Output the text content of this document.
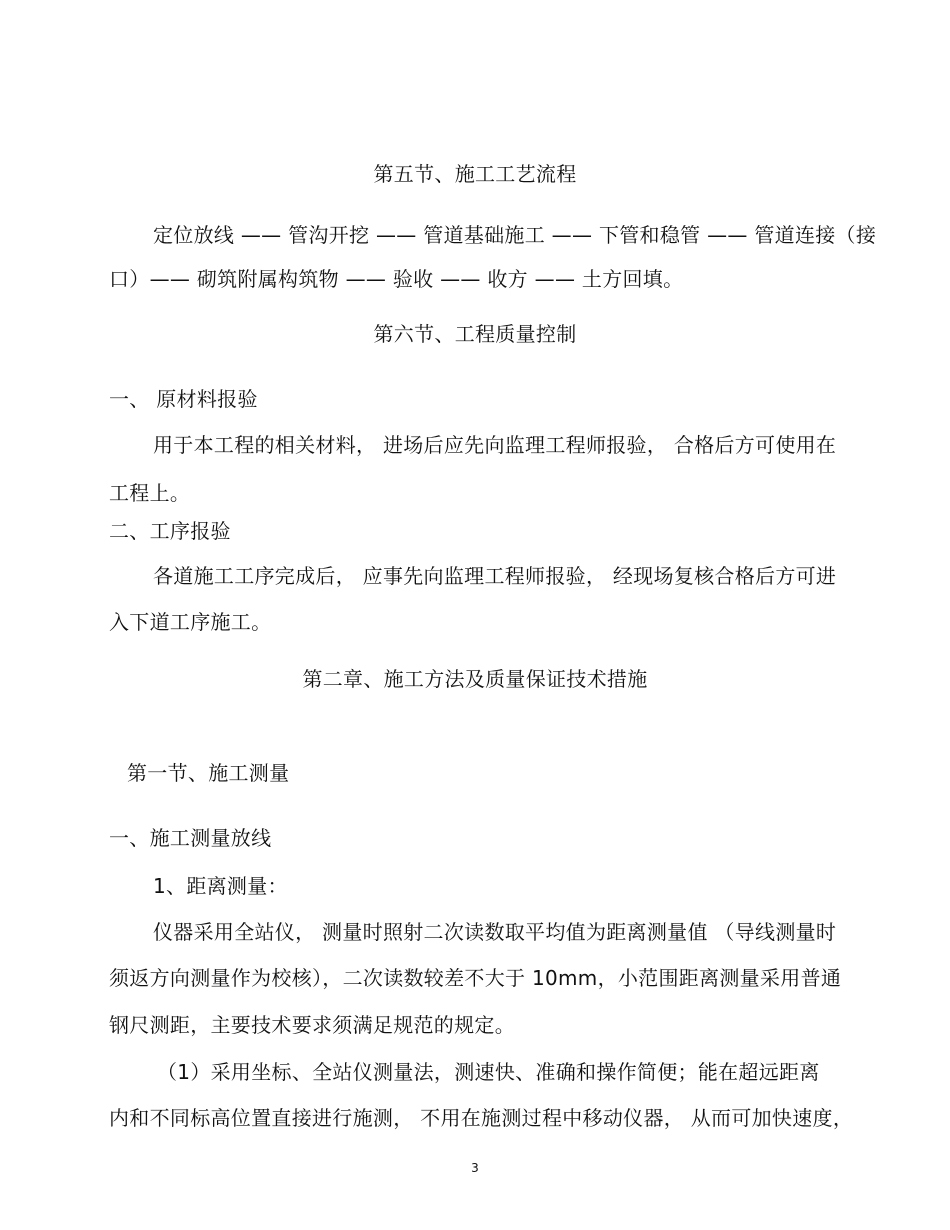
第五节、施工工艺流程
定位放线 —— 管沟开挖 —— 管道基础施工 —— 下管和稳管 —— 管道连接（接
口）—— 砌筑附属构筑物 —— 验收 —— 收方 —— 土方回填。
第六节、工程质量控制
一、 原材料报验
用于本工程的相关材料， 进场后应先向监理工程师报验， 合格后方可使用在
工程上。
二、工序报验
各道施工工序完成后， 应事先向监理工程师报验， 经现场复核合格后方可进
入下道工序施工。
第二章、施工方法及质量保证技术措施
第一节、施工测量
一、施工测量放线
1、距离测量：
仪器采用全站仪， 测量时照射二次读数取平均值为距离测量值 （导线测量时
须返方向测量作为校核），二次读数较差不大于 10mm，小范围距离测量采用普通
钢尺测距，主要技术要求须满足规范的规定。
（1）采用坐标、全站仪测量法，测速快、准确和操作简便；能在超远距离
内和不同标高位置直接进行施测， 不用在施测过程中移动仪器， 从而可加快速度，
3
